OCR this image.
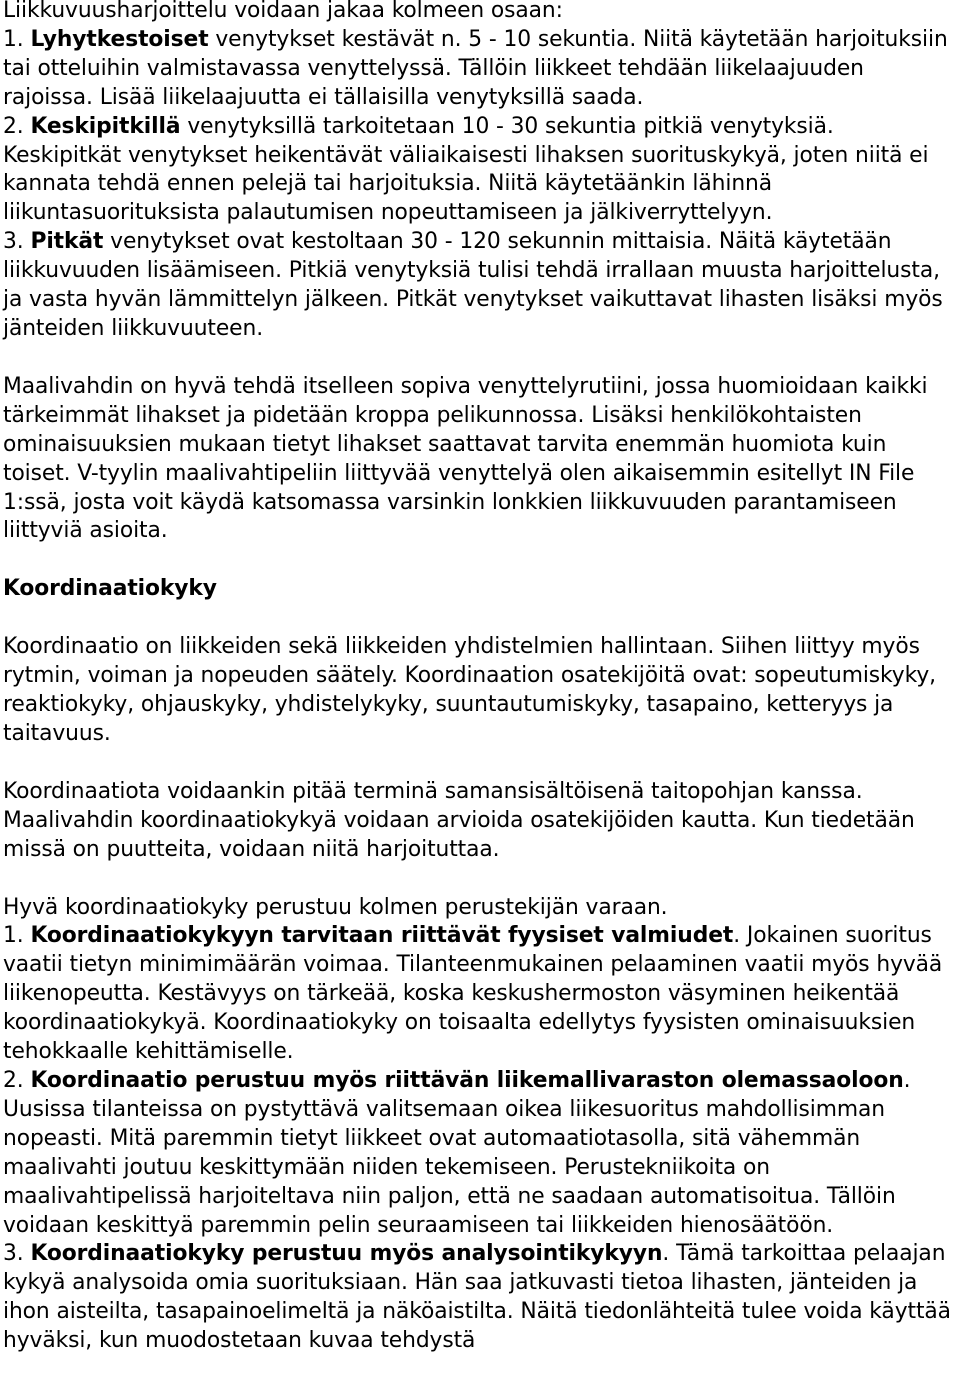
Liikkuvuusharjoittelu voidaan jakaa kolmeen osaan:
1. Lyhytkestoiset venytykset kestävät n. 5 - 10 sekuntia. Niitä käytetään harjoituksiin tai otteluihin valmistavassa venyttelyssä. Tällöin liikkeet tehdään liikelaajuuden rajoissa. Lisää liikelaajuutta ei tällaisilla venytyksillä saada.
2. Keskipitkillä venytyksillä tarkoitetaan 10 - 30 sekuntia pitkiä venytyksiä. Keskipitkät venytykset heikentävät väliaikaisesti lihaksen suorituskykyä, joten niitä ei kannata tehdä ennen pelejä tai harjoituksia. Niitä käytetäänkin lähinnä liikuntasuorituksista palautumisen nopeuttamiseen ja jälkiverryttelyyn.
3. Pitkät venytykset ovat kestoltaan 30 - 120 sekunnin mittaisia. Näitä käytetään liikkuvuuden lisäämiseen. Pitkiä venytyksiä tulisi tehdä irrallaan muusta harjoittelusta, ja vasta hyvän lämmittelyn jälkeen. Pitkät venytykset vaikuttavat lihasten lisäksi myös jänteiden liikkuvuuteen.
Maalivahdin on hyvä tehdä itselleen sopiva venyttelyrutiini, jossa huomioidaan kaikki tärkeimmät lihakset ja pidetään kroppa pelikunnossa. Lisäksi henkilökohtaisten ominaisuuksien mukaan tietyt lihakset saattavat tarvita enemmän huomiota kuin toiset. V-tyylin maalivahtipeliin liittyvää venyttelyä olen aikaisemmin esitellyt IN File 1:ssä, josta voit käydä katsomassa varsinkin lonkkien liikkuvuuden parantamiseen liittyviä asioita.
Koordinaatiokyky
Koordinaatio on liikkeiden sekä liikkeiden yhdistelmien hallintaan. Siihen liittyy myös rytmin, voiman ja nopeuden säätely. Koordinaation osatekijöitä ovat: sopeutumiskyky, reaktiokyky, ohjauskyky, yhdistelykyky, suuntautumiskyky, tasapaino, ketteryys ja taitavuus.
Koordinaatiota voidaankin pitää terminä samansisältöisenä taitopohjan kanssa. Maalivahdin koordinaatiokykyä voidaan arvioida osatekijöiden kautta. Kun tiedetään missä on puutteita, voidaan niitä harjoituttaa.
Hyvä koordinaatiokyky perustuu kolmen perustekijän varaan.
1. Koordinaatiokykyyn tarvitaan riittävät fyysiset valmiudet. Jokainen suoritus vaatii tietyn minimimäärän voimaa. Tilanteenmukainen pelaaminen vaatii myös hyvää liikenopeutta. Kestävyys on tärkeää, koska keskushermoston väsyminen heikentää koordinaatiokykyä. Koordinaatiokyky on toisaalta edellytys fyysisten ominaisuuksien tehokkaalle kehittämiselle.
2. Koordinaatio perustuu myös riittävän liikemallivaraston olemassaoloon. Uusissa tilanteissa on pystyttävä valitsemaan oikea liikesuoritus mahdollisimman nopeasti. Mitä paremmin tietyt liikkeet ovat automaatiotasolla, sitä vähemmän maalivahti joutuu keskittymään niiden tekemiseen. Perustekniikoita on maalivahtipelissä harjoiteltava niin paljon, että ne saadaan automatisoitua. Tällöin voidaan keskittyä paremmin pelin seuraamiseen tai liikkeiden hienosäätöön.
3. Koordinaatiokyky perustuu myös analysointikykyyn. Tämä tarkoittaa pelaajan kykyä analysoida omia suorituksiaan. Hän saa jatkuvasti tietoa lihasten, jänteiden ja ihon aisteilta, tasapainoelimeltä ja näköaistilta. Näitä tiedonlähteitä tulee voida käyttää hyväksi, kun muodostetaan kuvaa tehdystä
